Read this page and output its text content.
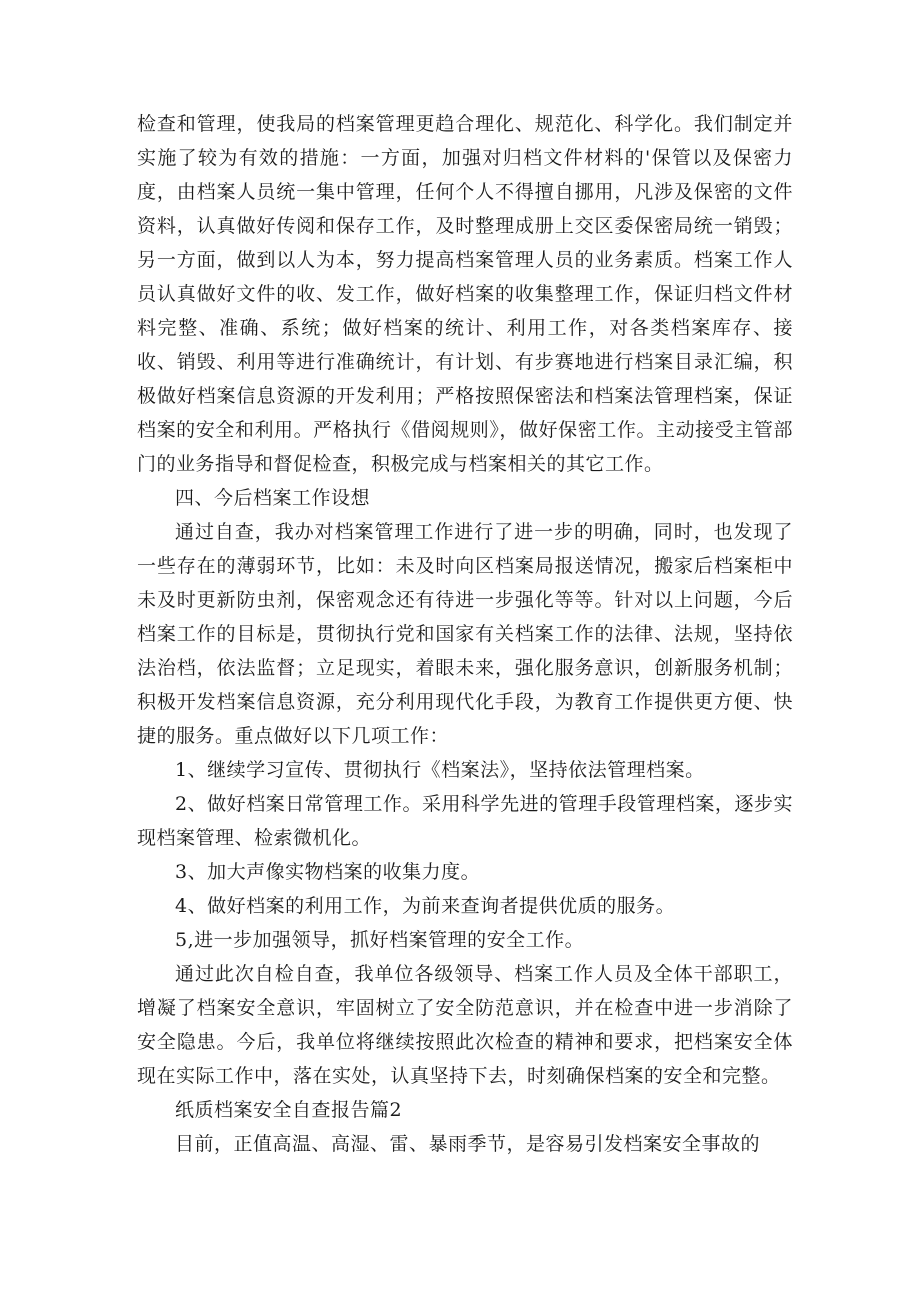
检查和管理，使我局的档案管理更趋合理化、规范化、科学化。我们制定并实施了较为有效的措施：一方面，加强对归档文件材料的'保管以及保密力度，由档案人员统一集中管理，任何个人不得擅自挪用，凡涉及保密的文件资料，认真做好传阅和保存工作，及时整理成册上交区委保密局统一销毁；另一方面，做到以人为本，努力提高档案管理人员的业务素质。档案工作人员认真做好文件的收、发工作，做好档案的收集整理工作，保证归档文件材料完整、准确、系统；做好档案的统计、利用工作，对各类档案库存、接收、销毁、利用等进行准确统计，有计划、有步赛地进行档案目录汇编，积极做好档案信息资源的开发利用；严格按照保密法和档案法管理档案，保证档案的安全和利用。严格执行《借阅规则》，做好保密工作。主动接受主管部门的业务指导和督促检查，积极完成与档案相关的其它工作。

四、今后档案工作设想

通过自查，我办对档案管理工作进行了进一步的明确，同时，也发现了一些存在的薄弱环节，比如：未及时向区档案局报送情况，搬家后档案柜中未及时更新防虫剂，保密观念还有待进一步强化等等。针对以上问题，今后档案工作的目标是，贯彻执行党和国家有关档案工作的法律、法规，坚持依法治档，依法监督；立足现实，着眼未来，强化服务意识，创新服务机制；积极开发档案信息资源，充分利用现代化手段，为教育工作提供更方便、快捷的服务。重点做好以下几项工作：

1、继续学习宣传、贯彻执行《档案法》，坚持依法管理档案。

2、做好档案日常管理工作。采用科学先进的管理手段管理档案，逐步实现档案管理、检索微机化。

3、加大声像实物档案的收集力度。

4、做好档案的利用工作，为前来查询者提供优质的服务。

5,进一步加强领导，抓好档案管理的安全工作。

通过此次自检自查，我单位各级领导、档案工作人员及全体干部职工，增凝了档案安全意识，牢固树立了安全防范意识，并在检查中进一步消除了安全隐患。今后，我单位将继续按照此次检查的精神和要求，把档案安全体现在实际工作中，落在实处，认真坚持下去，时刻确保档案的安全和完整。

纸质档案安全自查报告篇2

目前，正值高温、高湿、雷、暴雨季节，是容易引发档案安全事故的
